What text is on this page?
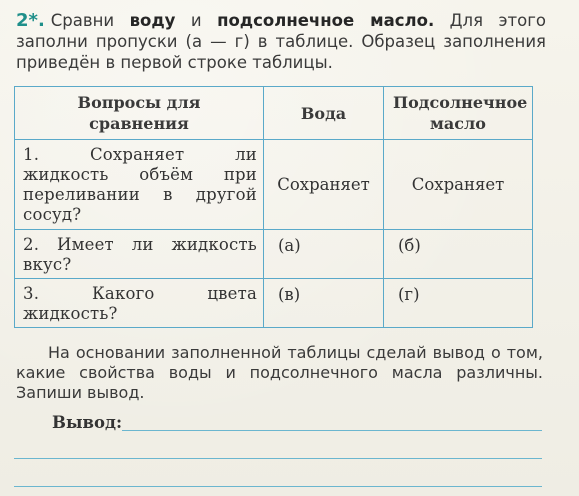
2*. Сравни воду и подсолнечное масло. Для этого заполни пропуски (а — г) в таблице. Образец заполнения приведён в первой строке таблицы.
Вопросы для сравнения	Вода	Подсолнечное масло

1. Сохраняет ли жидкость объём при переливании в другой сосуд?	Сохраняет	Сохраняет
2. Имеет ли жидкость вкус?	(а)	(б)
3. Какого цвета жидкость?	(в)	(г)
На основании заполненной таблицы сделай вывод о том, какие свойства воды и подсолнечного масла различны. Запиши вывод.
Вывод:
